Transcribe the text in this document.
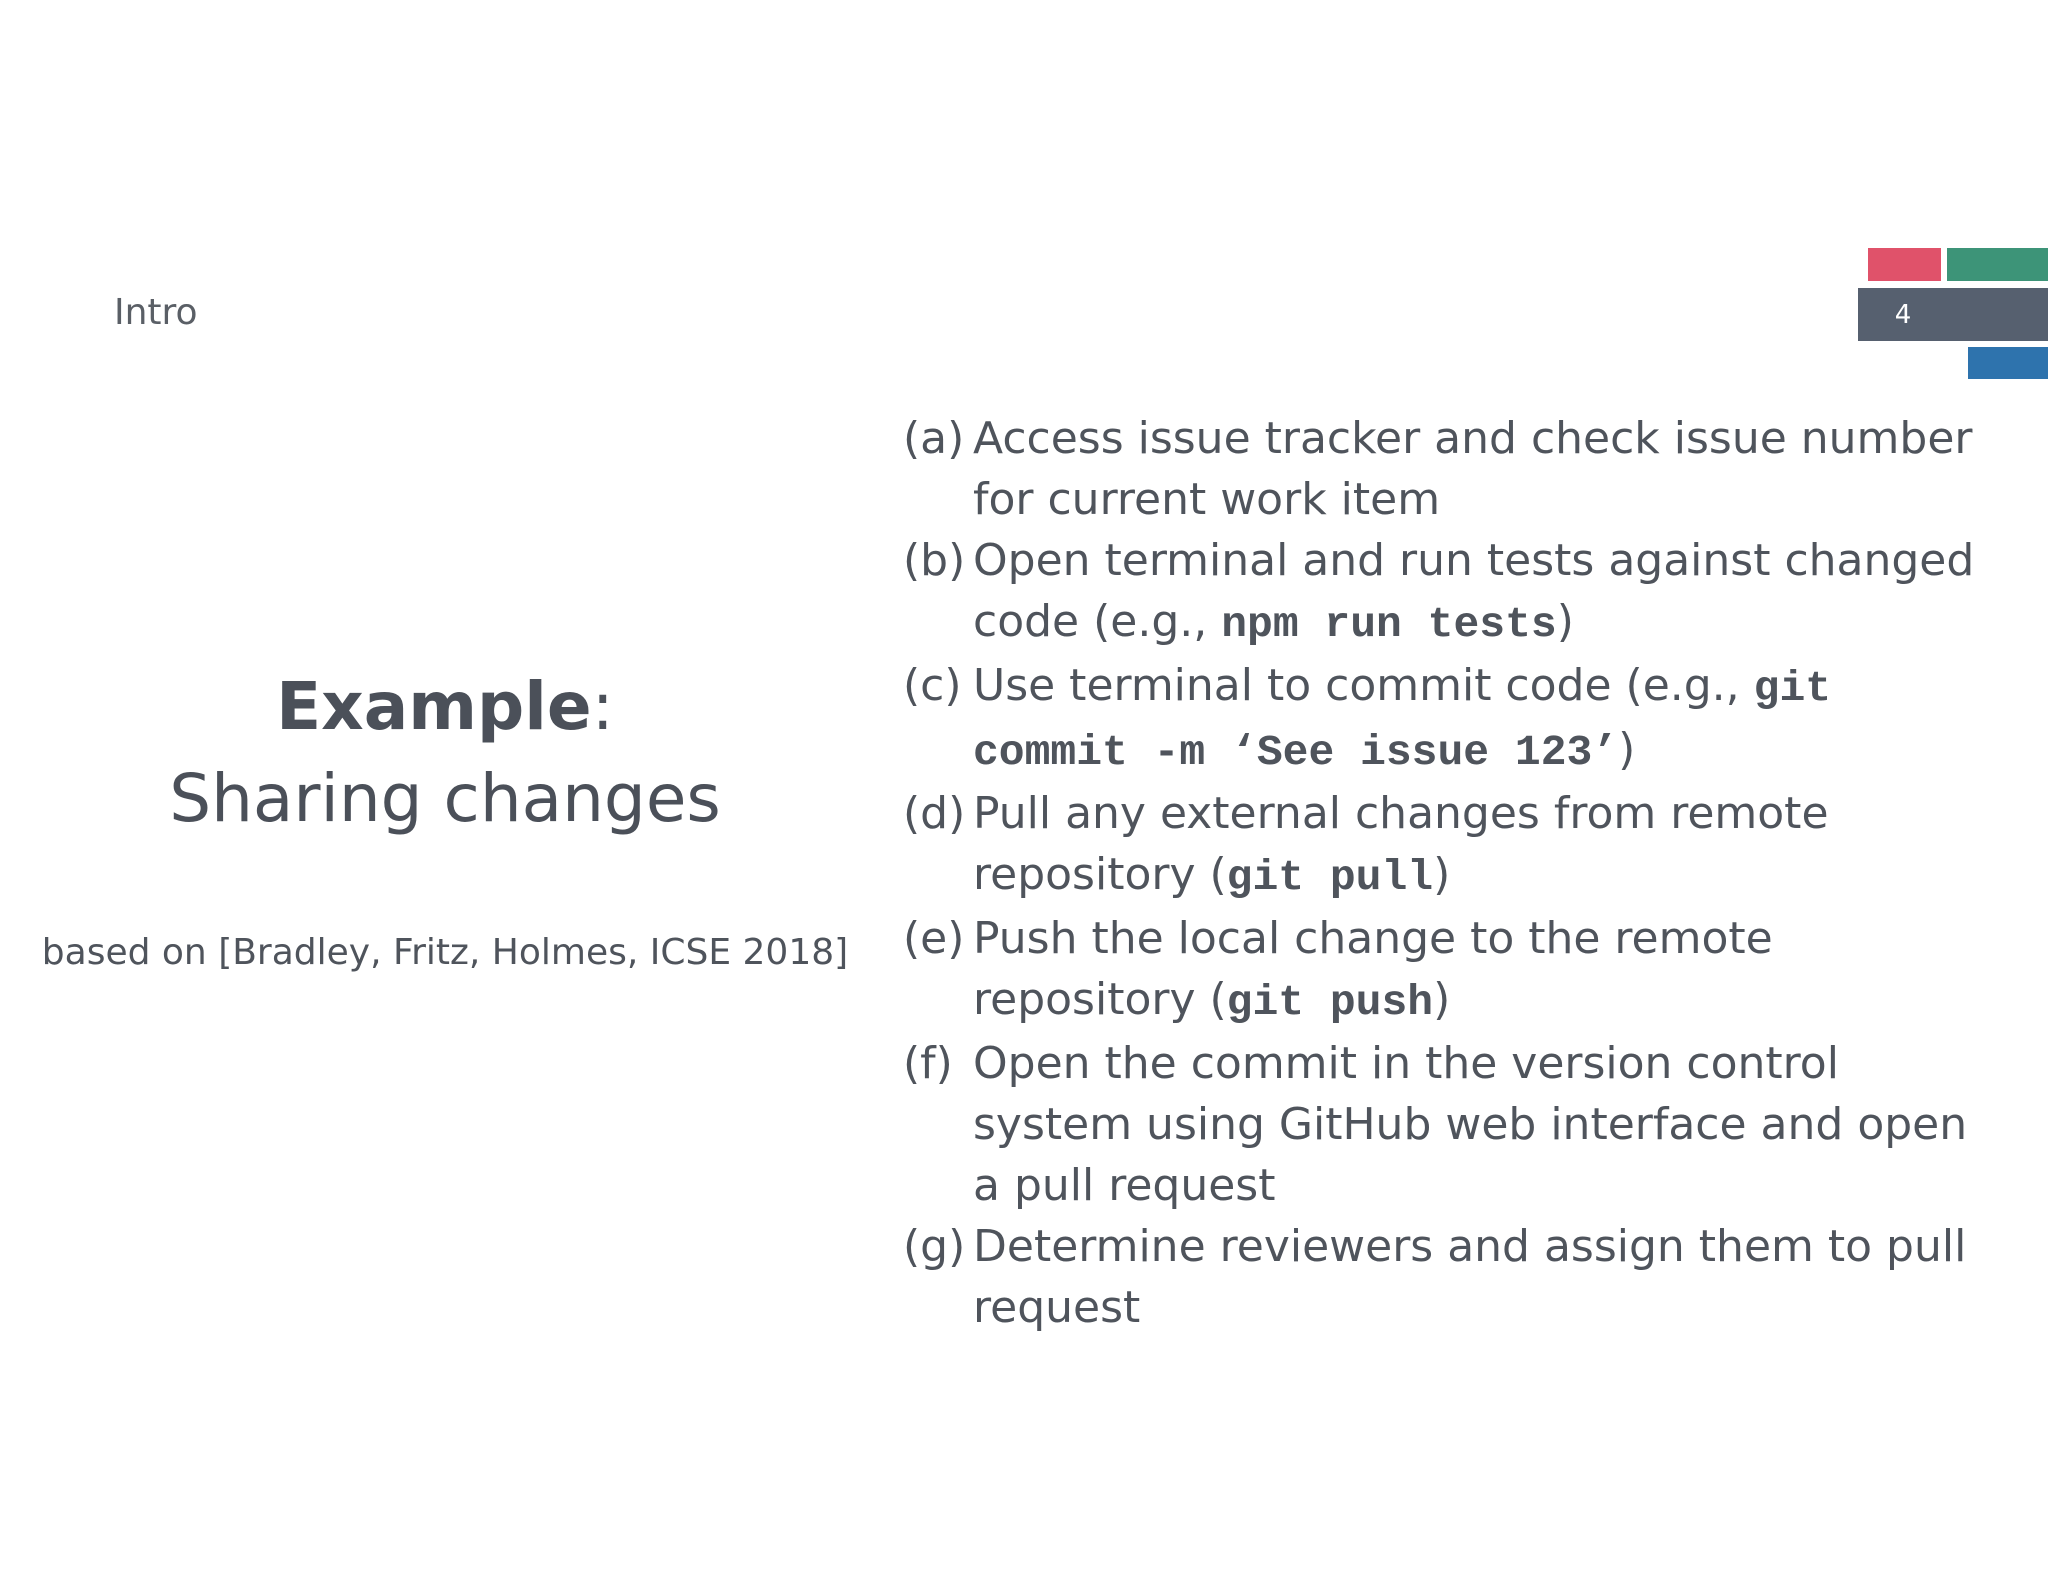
Intro	4
Example:
Sharing changes
based on [Bradley, Fritz, Holmes, ICSE 2018]
(a) Access issue tracker and check issue number for current work item
(b) Open terminal and run tests against changed code (e.g., npm run tests)
(c) Use terminal to commit code (e.g., git commit -m ‘See issue 123’)
(d) Pull any external changes from remote repository (git pull)
(e) Push the local change to the remote repository (git push)
(f) Open the commit in the version control system using GitHub web interface and open a pull request
(g) Determine reviewers and assign them to pull request
